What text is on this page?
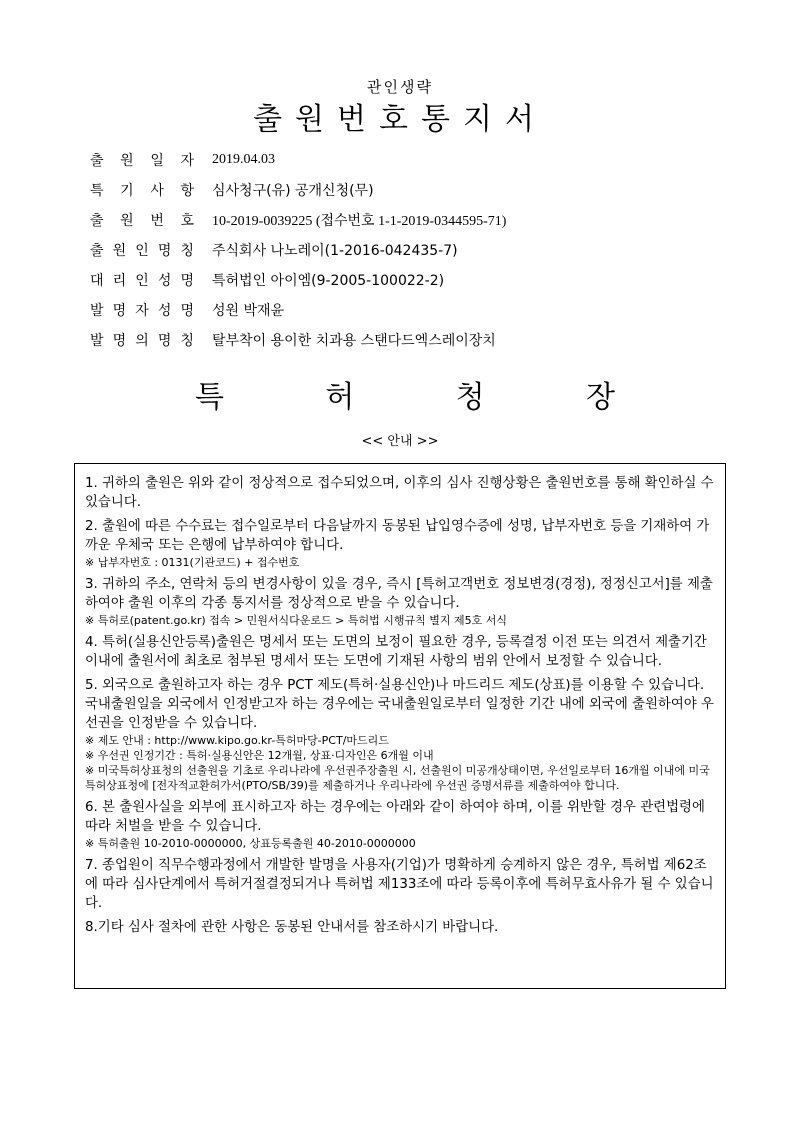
관인생략
출원번호통지서
출 원 일 자 2019.04.03
특 기 사 항 심사청구(유) 공개신청(무)
출 원 번 호 10-2019-0039225 (접수번호 1-1-2019-0344595-71)
출 원 인 명 칭 주식회사 나노레이(1-2016-042435-7)
대 리 인 성 명 특허법인 아이엠(9-2005-100022-2)
발 명 자 성 명 성원 박재윤
발 명 의 명 칭 탈부착이 용이한 치과용 스탠다드엑스레이장치
특	허	청	장
<< 안내 >>
1. 귀하의 출원은 위와 같이 정상적으로 접수되었으며, 이후의 심사 진행상황은 출원번호를 통해 확인하실 수 있습니다.
2. 출원에 따른 수수료는 접수일로부터 다음날까지 동봉된 납입영수증에 성명, 납부자번호 등을 기재하여 가까운 우체국 또는 은행에 납부하여야 합니다.
※ 납부자번호 : 0131(기관코드) + 접수번호
3. 귀하의 주소, 연락처 등의 변경사항이 있을 경우, 즉시 [특허고객번호 정보변경(경정), 정정신고서]를 제출하여야 출원 이후의 각종 통지서를 정상적으로 받을 수 있습니다.
※ 특허로(patent.go.kr) 접속 > 민원서식다운로드 > 특허법 시행규칙 별지 제5호 서식
4. 특허(실용신안등록)출원은 명세서 또는 도면의 보정이 필요한 경우, 등록결정 이전 또는 의견서 제출기간 이내에 출원서에 최초로 첨부된 명세서 또는 도면에 기재된 사항의 범위 안에서 보정할 수 있습니다.
5. 외국으로 출원하고자 하는 경우 PCT 제도(특허·실용신안)나 마드리드 제도(상표)를 이용할 수 있습니다. 국내출원일을 외국에서 인정받고자 하는 경우에는 국내출원일로부터 일정한 기간 내에 외국에 출원하여야 우선권을 인정받을 수 있습니다.
※ 제도 안내 : http://www.kipo.go.kr-특허마당-PCT/마드리드
※ 우선권 인정기간 : 특허·실용신안은 12개월, 상표·디자인은 6개월 이내
※ 미국특허상표청의 선출원을 기초로 우리나라에 우선권주장출원 시, 선출원이 미공개상태이면, 우선일로부터 16개월 이내에 미국특허상표청에 [전자적교환허가서(PTO/SB/39)를 제출하거나 우리나라에 우선권 증명서류를 제출하여야 합니다.
6. 본 출원사실을 외부에 표시하고자 하는 경우에는 아래와 같이 하여야 하며, 이를 위반할 경우 관련법령에 따라 처벌을 받을 수 있습니다.
※ 특허출원 10-2010-0000000, 상표등록출원 40-2010-0000000
7. 종업원이 직무수행과정에서 개발한 발명을 사용자(기업)가 명확하게 승계하지 않은 경우, 특허법 제62조에 따라 심사단계에서 특허거절결정되거나 특허법 제133조에 따라 등록이후에 특허무효사유가 될 수 있습니다.
8.기타 심사 절차에 관한 사항은 동봉된 안내서를 참조하시기 바랍니다.
